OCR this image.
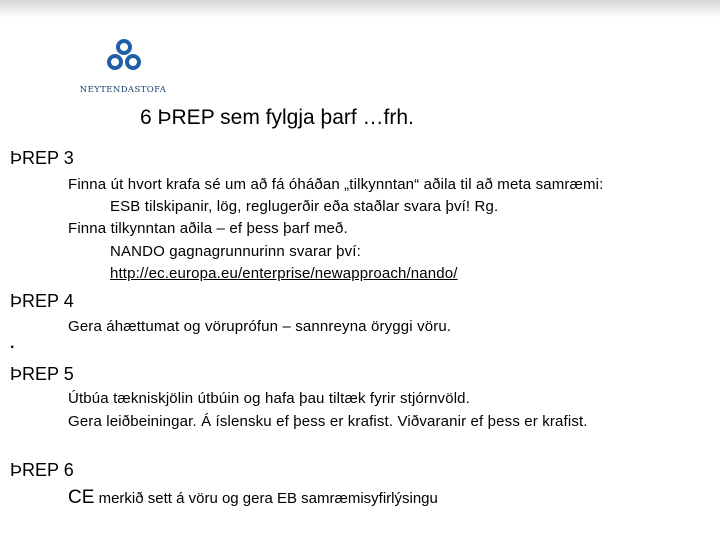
NEYTENDASTOFA
6 ÞREP sem fylgja þarf …frh.
ÞREP 3
Finna út hvort krafa sé um að fá óháðan „tilkynntan“ aðila til að meta samræmi:
ESB tilskipanir, lög, reglugerðir eða staðlar svara því! Rg.
Finna tilkynntan aðila – ef þess þarf með.
NANDO gagnagrunnurinn svarar því:
http://ec.europa.eu/enterprise/newapproach/nando/
ÞREP 4
Gera áhættumat og vöruprófun – sannreyna öryggi vöru.
.
ÞREP 5
Útbúa tækniskjölin útbúin og hafa þau tiltæk fyrir stjórnvöld.
Gera leiðbeiningar. Á íslensku ef þess er krafist. Viðvaranir ef þess er krafist.
ÞREP 6
CE merkið sett á vöru og gera EB samræmisyfirlýsingu
